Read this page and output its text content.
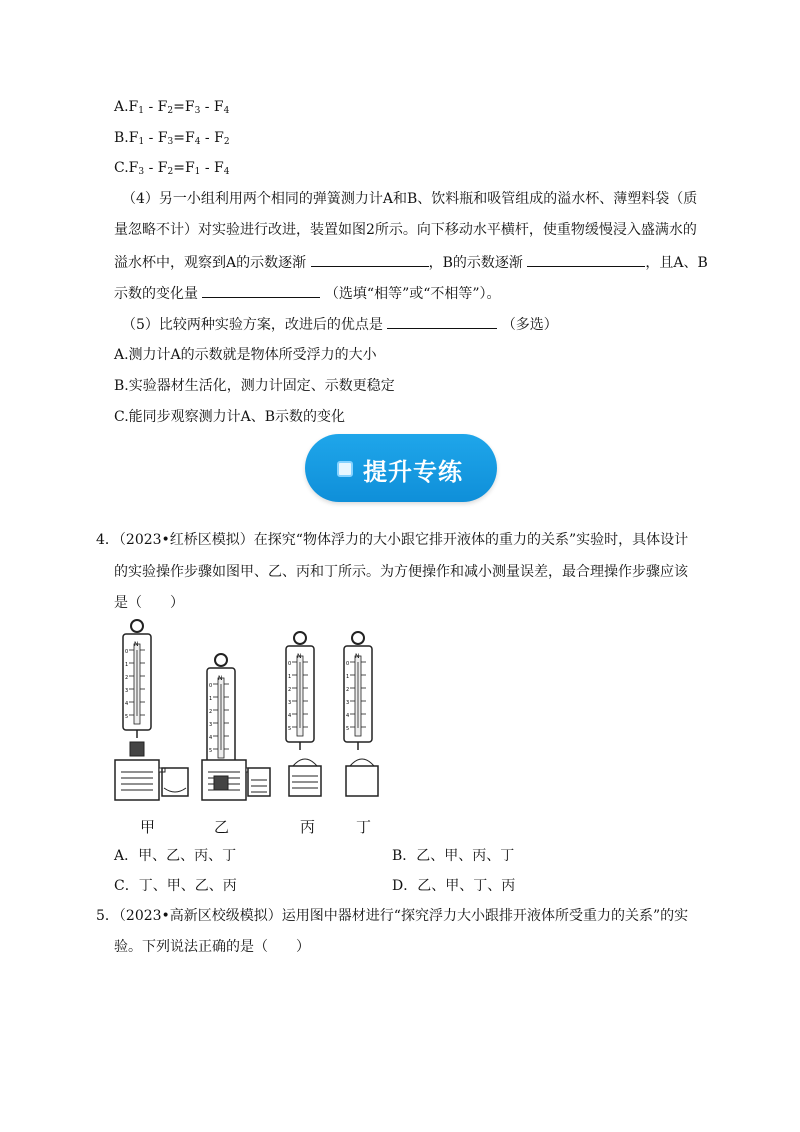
$A.F_1 - F_2=F_3 - F_4$
$B.F_1 - F_3=F_4 - F_2$
$C.F_3 - F_2=F_1 - F_4$
（4）另一小组利用两个相同的弹簧测力计A和B、饮料瓶和吸管组成的溢水杯、薄塑料袋（质
量忽略不计）对实验进行改进，装置如图2所示。向下移动水平横杆，使重物缓慢浸入盛满水的
溢水杯中，观察到A的示数逐渐	，B的示数逐渐	，且A、B
示数的变化量	（选填“相等”或“不相等”）。
（5）比较两种实验方案，改进后的优点是	（多选）
A.测力计A的示数就是物体所受浮力的大小
B.实验器材生活化，测力计固定、示数更稳定
C.能同步观察测力计A、B示数的变化
提升专练
4．（2023•红桥区模拟）在探究“物体浮力的大小跟它排开液体的重力的关系”实验时，具体设计
的实验操作步骤如图甲、乙、丙和丁所示。为方便操作和减小测量误差，最合理操作步骤应该
是（　　）
N
0
1
2
3
4
5
N
0
1
2
3
4
5
N
0
1
2
3
4
5
N
0
1
2
3
4
5
甲	乙	丙	丁
A．甲、乙、丙、丁	B．乙、甲、丙、丁
C．丁、甲、乙、丙	D．乙、甲、丁、丙
5．（2023•高新区校级模拟）运用图中器材进行“探究浮力大小跟排开液体所受重力的关系”的实
验。下列说法正确的是（　　）
